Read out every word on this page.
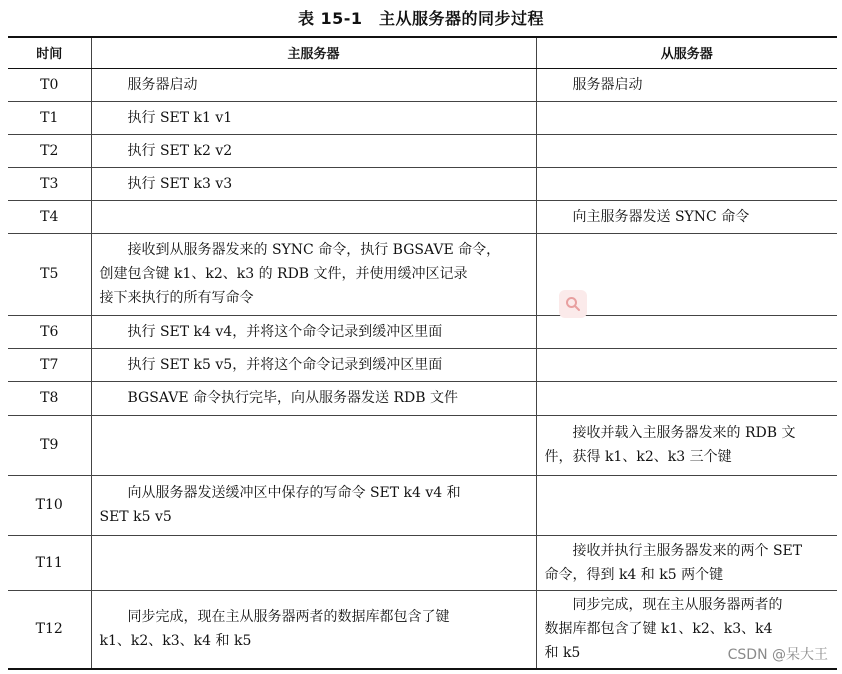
表 15-1　主从服务器的同步过程
时间	主服务器	从服务器
T0	服务器启动	服务器启动

T1	执行 SET k1 v1	

T2	执行 SET k2 v2	

T3	执行 SET k3 v3	

T4		向主服务器发送 SYNC 命令

T5	接收到从服务器发来的 SYNC 命令，执行 BGSAVE 命令，
创建包含键 k1、k2、k3 的 RDB 文件，并使用缓冲区记录
接下来执行的所有写命令	

T6	执行 SET k4 v4，并将这个命令记录到缓冲区里面	

T7	执行 SET k5 v5，并将这个命令记录到缓冲区里面	

T8	BGSAVE 命令执行完毕，向从服务器发送 RDB 文件	

T9		接收并载入主服务器发来的 RDB 文
件，获得 k1、k2、k3 三个键

T10	向从服务器发送缓冲区中保存的写命令 SET k4 v4 和
SET k5 v5	

T11		接收并执行主服务器发来的两个 SET
命令，得到 k4 和 k5 两个键

T12	同步完成，现在主从服务器两者的数据库都包含了键
k1、k2、k3、k4 和 k5	同步完成，现在主从服务器两者的
数据库都包含了键 k1、k2、k3、k4
和 k5	CSDN @呆大王
